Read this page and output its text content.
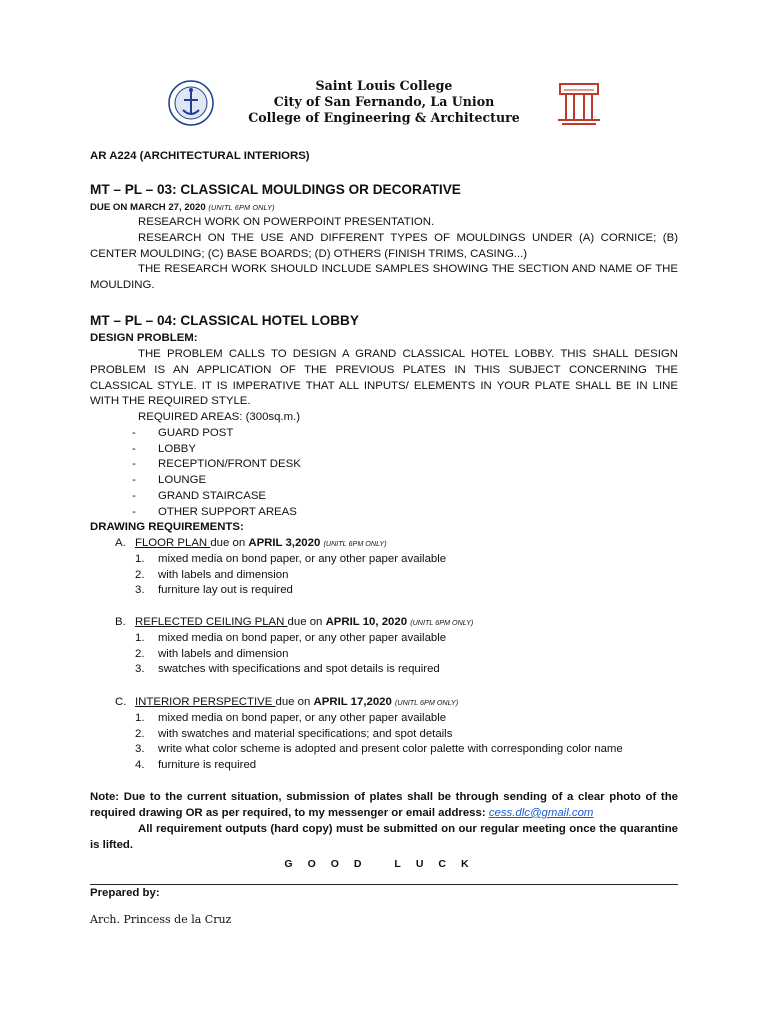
Saint Louis College
City of San Fernando, La Union
College of Engineering & Architecture
AR A224 (ARCHITECTURAL INTERIORS)
MT – PL – 03: CLASSICAL MOULDINGS OR DECORATIVE
DUE ON MARCH 27, 2020 (UNITL 6PM ONLY)

RESEARCH WORK ON POWERPOINT PRESENTATION.

RESEARCH ON THE USE AND DIFFERENT TYPES OF MOULDINGS UNDER (A) CORNICE; (B) CENTER MOULDING; (C) BASE BOARDS; (D) OTHERS (FINISH TRIMS, CASING...)

THE RESEARCH WORK SHOULD INCLUDE SAMPLES SHOWING THE SECTION AND NAME OF THE MOULDING.

MT – PL – 04: CLASSICAL HOTEL LOBBY
DESIGN PROBLEM:
THE PROBLEM CALLS TO DESIGN A GRAND CLASSICAL HOTEL LOBBY. THIS SHALL DESIGN PROBLEM IS AN APPLICATION OF THE PREVIOUS PLATES IN THIS SUBJECT CONCERNING THE CLASSICAL STYLE. IT IS IMPERATIVE THAT ALL INPUTS/ ELEMENTS IN YOUR PLATE SHALL BE IN LINE WITH THE REQUIRED STYLE.
REQUIRED AREAS: (300sq.m.)
- GUARD POST
- LOBBY
- RECEPTION/FRONT DESK
- LOUNGE
- GRAND STAIRCASE
- OTHER SUPPORT AREAS
DRAWING REQUIREMENTS:
A. FLOOR PLAN due on APRIL 3,2020 (UNITL 6PM ONLY)
1. mixed media on bond paper, or any other paper available
2. with labels and dimension
3. furniture lay out is required
B. REFLECTED CEILING PLAN due on APRIL 10, 2020 (UNITL 6PM ONLY)
1. mixed media on bond paper, or any other paper available
2. with labels and dimension
3. swatches with specifications and spot details is required
C. INTERIOR PERSPECTIVE due on APRIL 17,2020 (UNITL 6PM ONLY)
1. mixed media on bond paper, or any other paper available
2. with swatches and material specifications; and spot details
3. write what color scheme is adopted and present color palette with corresponding color name
4. furniture is required
Note: Due to the current situation, submission of plates shall be through sending of a clear photo of the required drawing OR as per required, to my messenger or email address: cess.dlc@gmail.com
All requirement outputs (hard copy) must be submitted on our regular meeting once the quarantine is lifted.
GOOD LUCK
Prepared by:
Arch. Princess de la Cruz
